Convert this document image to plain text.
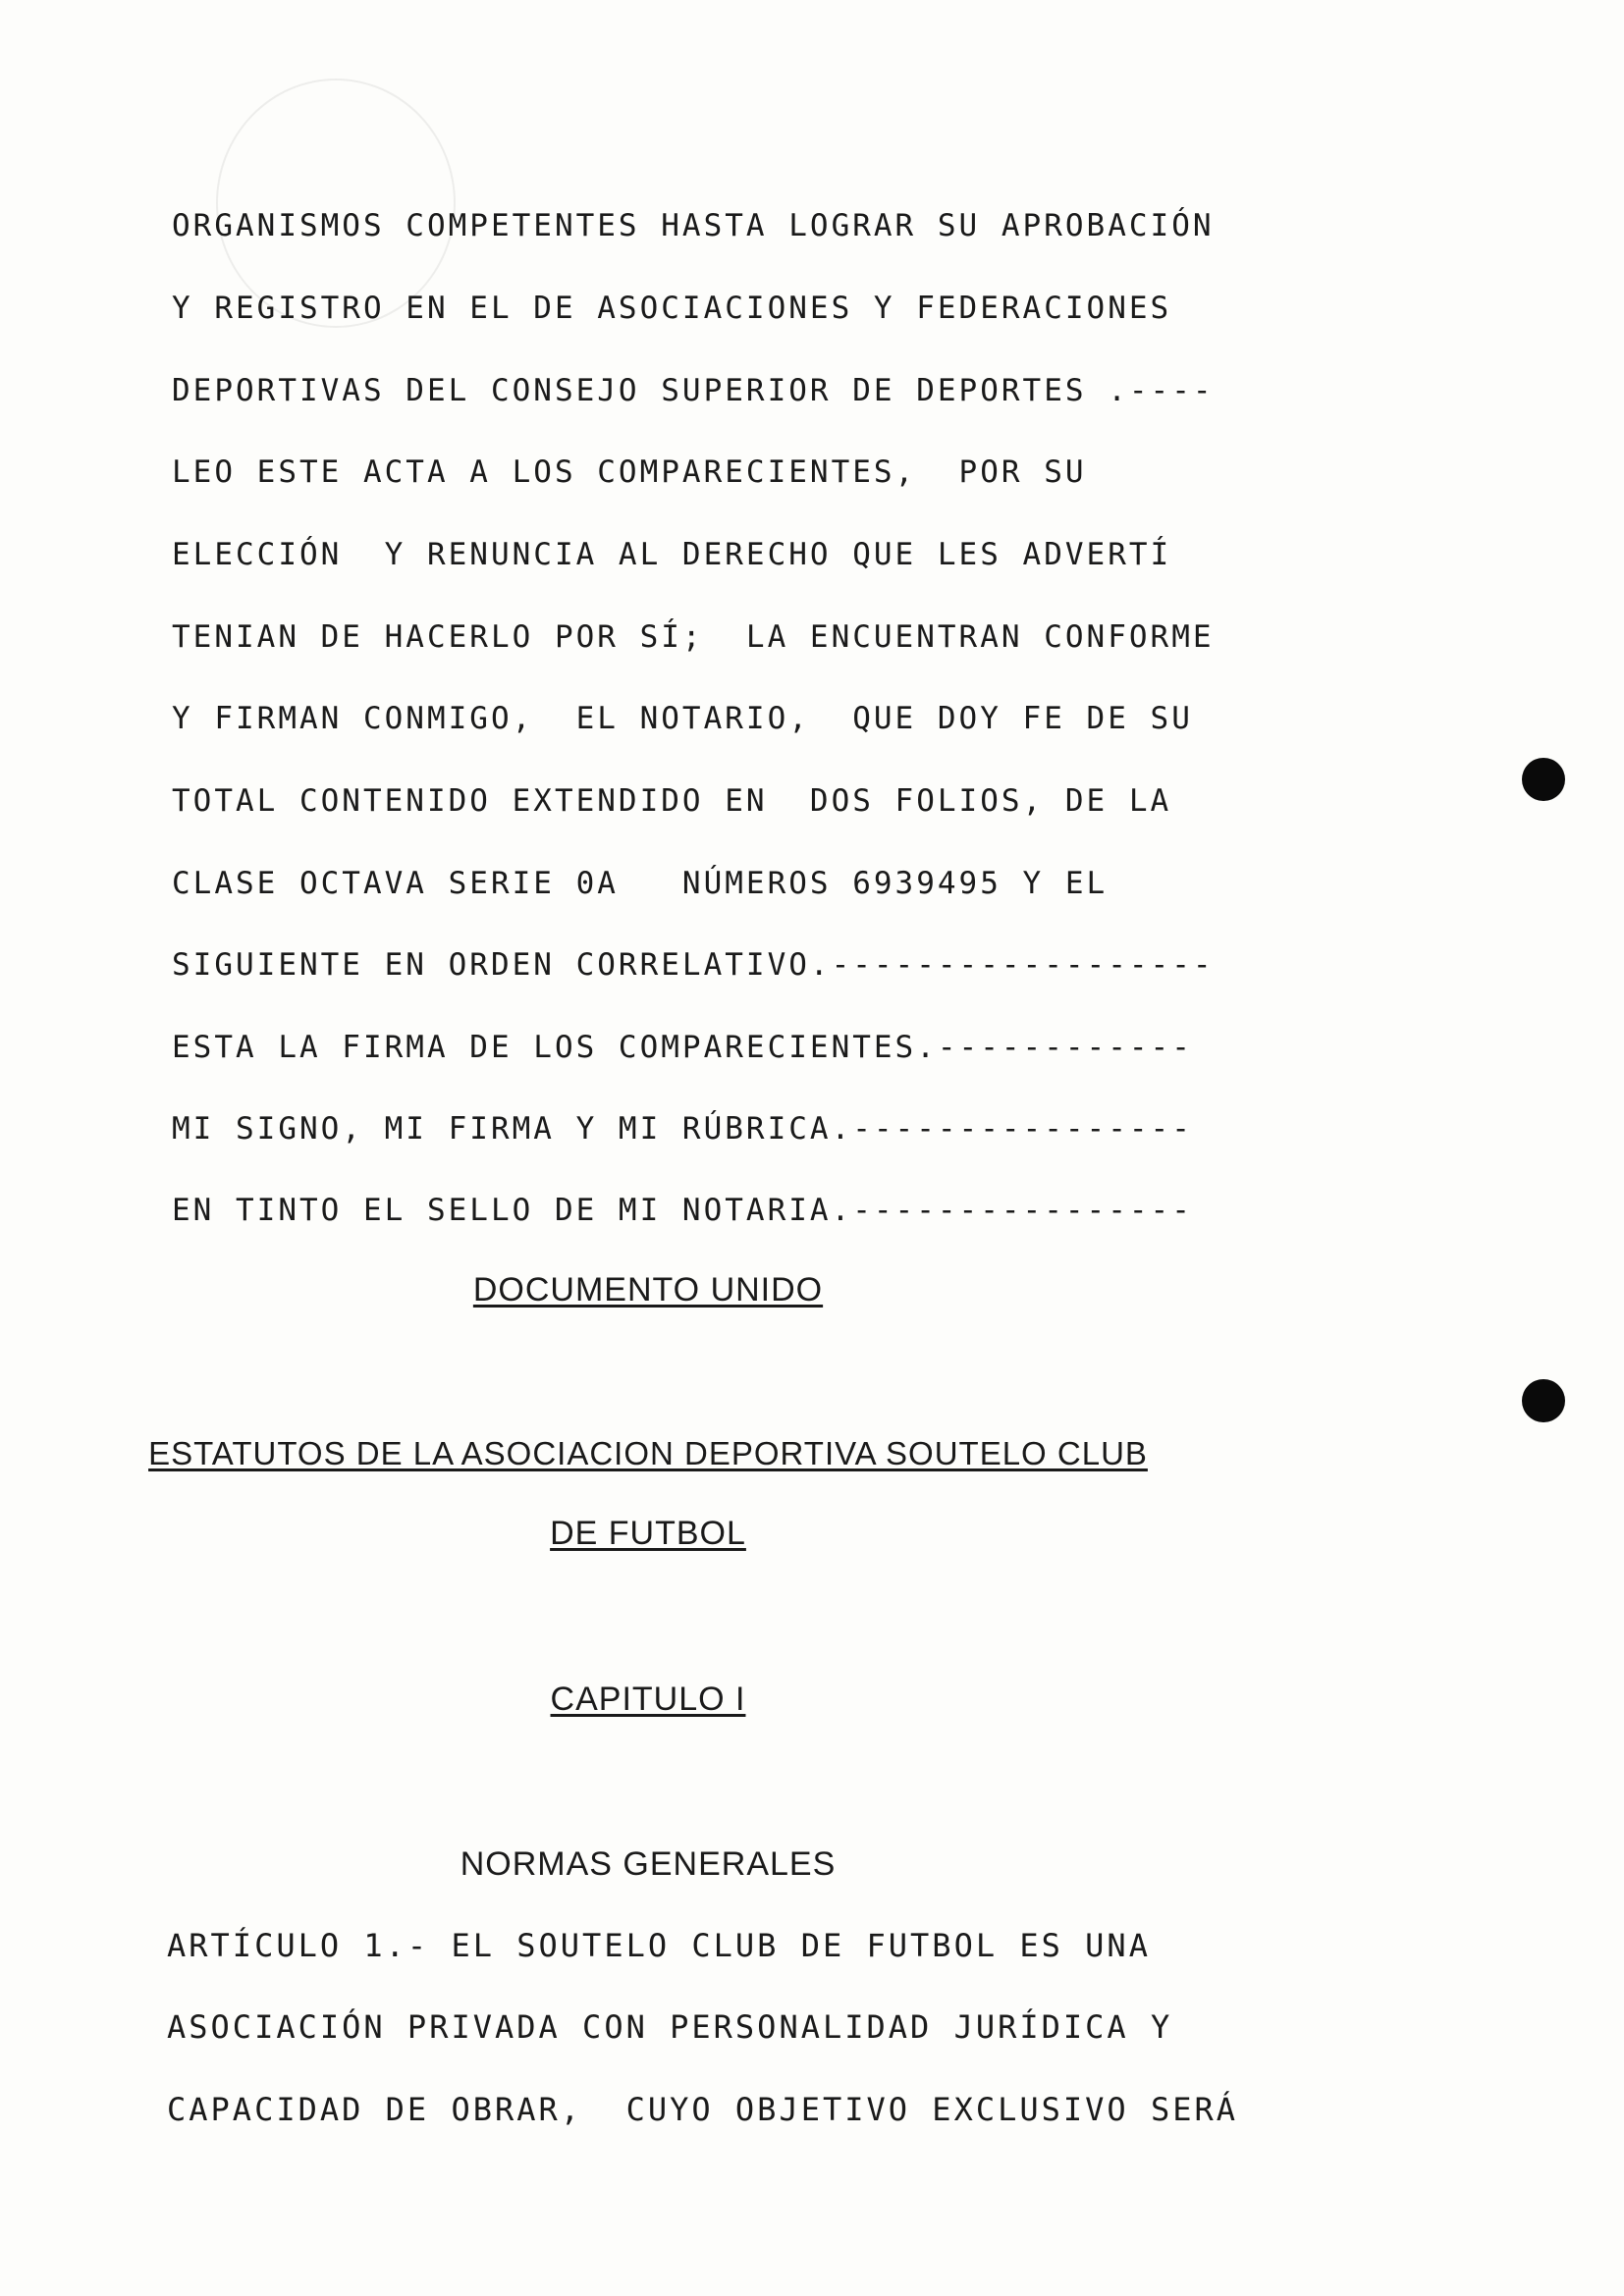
ORGANISMOS COMPETENTES HASTA LOGRAR SU APROBACIÓN
Y REGISTRO EN EL DE ASOCIACIONES Y FEDERACIONES
DEPORTIVAS DEL CONSEJO SUPERIOR DE DEPORTES .----
LEO ESTE ACTA A LOS COMPARECIENTES,  POR SU
ELECCIÓN  Y RENUNCIA AL DERECHO QUE LES ADVERTÍ
TENIAN DE HACERLO POR SÍ;  LA ENCUENTRAN CONFORME
Y FIRMAN CONMIGO,  EL NOTARIO,  QUE DOY FE DE SU
TOTAL CONTENIDO EXTENDIDO EN  DOS FOLIOS, DE LA
CLASE OCTAVA SERIE 0A   NÚMEROS 6939495 Y EL
SIGUIENTE EN ORDEN CORRELATIVO.------------------
ESTA LA FIRMA DE LOS COMPARECIENTES.------------
MI SIGNO, MI FIRMA Y MI RÚBRICA.----------------
EN TINTO EL SELLO DE MI NOTARIA.----------------
DOCUMENTO UNIDO
ESTATUTOS DE LA ASOCIACION DEPORTIVA SOUTELO CLUB
DE FUTBOL
CAPITULO I
NORMAS GENERALES
ARTÍCULO 1.- EL SOUTELO CLUB DE FUTBOL ES UNA
ASOCIACIÓN PRIVADA CON PERSONALIDAD JURÍDICA Y
CAPACIDAD DE OBRAR,  CUYO OBJETIVO EXCLUSIVO SERÁ
